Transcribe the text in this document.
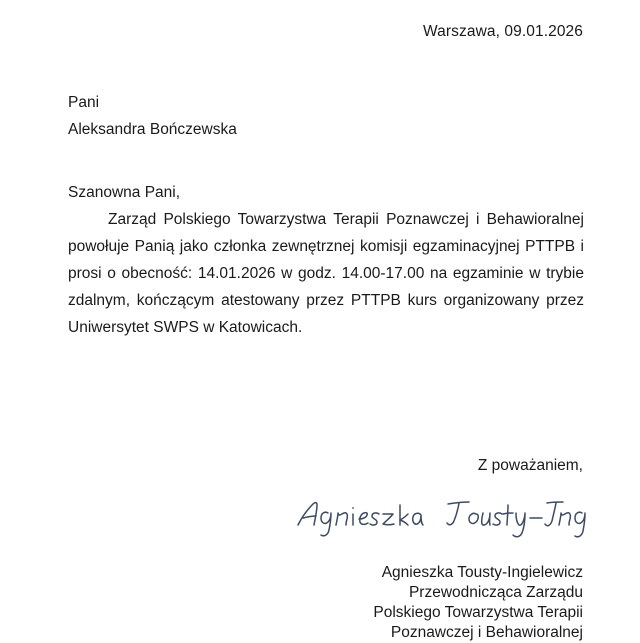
Warszawa, 09.01.2026
Pani
Aleksandra Bończewska
Szanowna Pani,
Zarząd Polskiego Towarzystwa Terapii Poznawczej i Behawioralnej powołuje Panią jako członka zewnętrznej komisji egzaminacyjnej PTTPB i prosi o obecność: 14.01.2026 w godz. 14.00-17.00 na egzaminie w trybie zdalnym, kończącym atestowany przez PTTPB kurs organizowany przez Uniwersytet SWPS w Katowicach.
Z poważaniem,
Agnieszka Tousty-Ingielewicz
Przewodnicząca Zarządu
Polskiego Towarzystwa Terapii
Poznawczej i Behawioralnej
